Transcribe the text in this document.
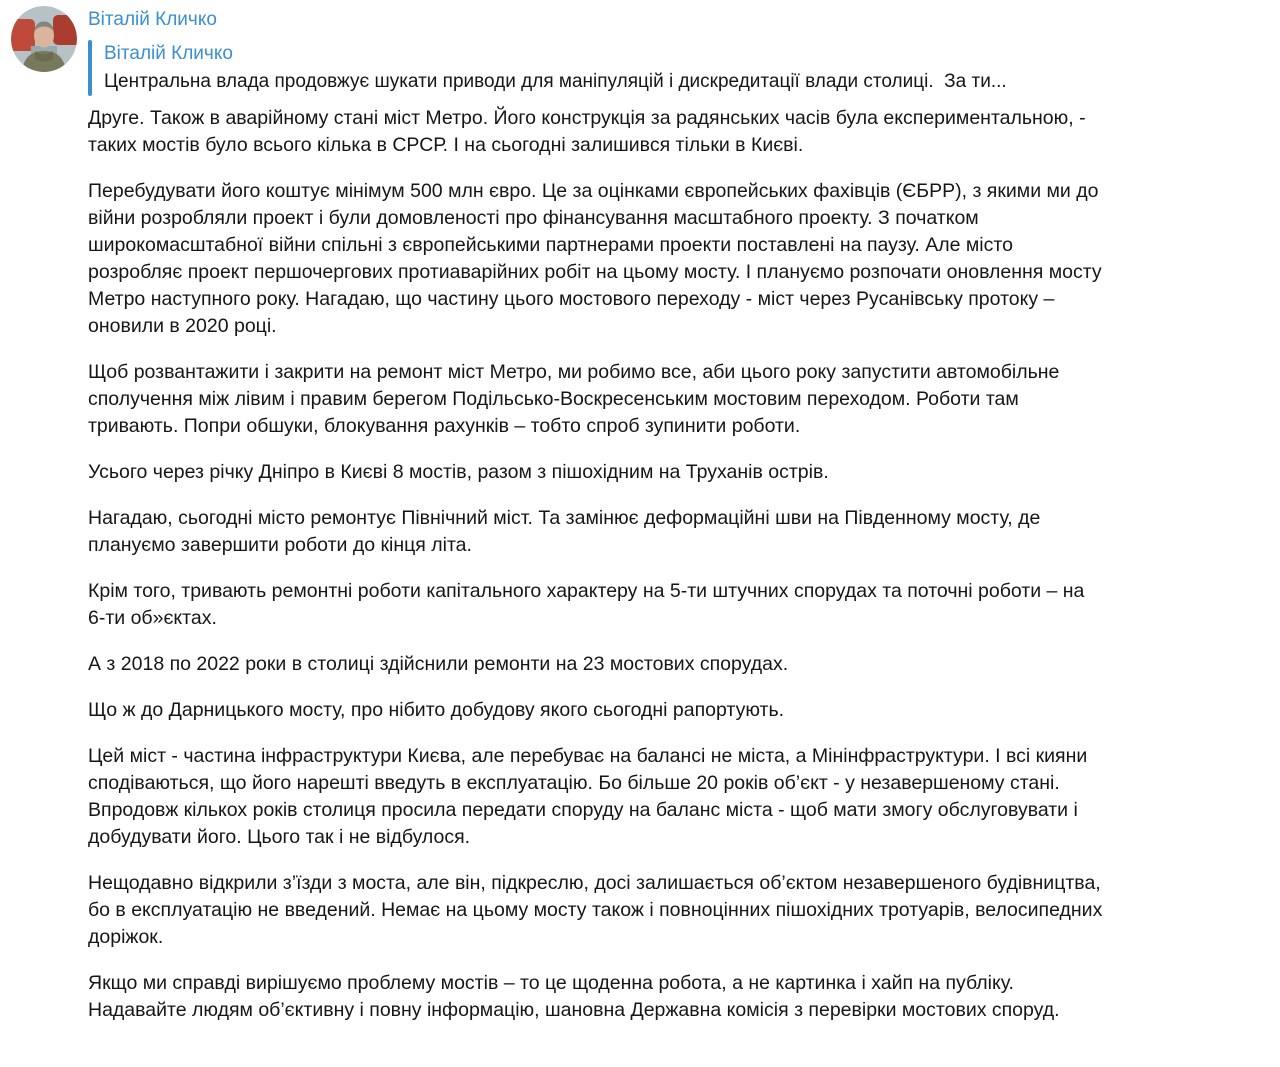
Віталій Кличко
Віталій Кличко
Центральна влада продовжує шукати приводи для маніпуляцій і дискредитації влади столиці.  За ти...

Друге. Також в аварійному стані міст Метро. Його конструкція за радянських часів була експериментальною, - таких мостів було всього кілька в СРСР. І на сьогодні залишився тільки в Києві.

Перебудувати його коштує мінімум 500 млн євро. Це за оцінками європейських фахівців (ЄБРР), з якими ми до війни розробляли проект і були домовленості про фінансування масштабного проекту. З початком широкомасштабної війни спільні з європейськими партнерами проекти поставлені на паузу. Але місто розробляє проект першочергових протиаварійних робіт на цьому мосту. І плануємо розпочати оновлення мосту Метро наступного року. Нагадаю, що частину цього мостового переходу - міст через Русанівську протоку – оновили в 2020 році.

Щоб розвантажити і закрити на ремонт міст Метро, ми робимо все, аби цього року запустити автомобільне сполучення між лівим і правим берегом Подільсько-Воскресенським мостовим переходом. Роботи там тривають. Попри обшуки, блокування рахунків – тобто спроб зупинити роботи.

Усього через річку Дніпро в Києві 8 мостів, разом з пішохідним на Труханів острів.

Нагадаю, сьогодні місто ремонтує Північний міст. Та замінює деформаційні шви на Південному мосту, де плануємо завершити роботи до кінця літа.

Крім того, тривають ремонтні роботи капітального характеру на 5-ти штучних спорудах та поточні роботи – на 6-ти об»єктах.

А з 2018 по 2022 роки в столиці здійснили ремонти на 23 мостових спорудах.

Що ж до Дарницького мосту, про нібито добудову якого сьогодні рапортують.

Цей міст - частина інфраструктури Києва, але перебуває на балансі не міста, а Мінінфраструктури. І всі кияни сподіваються, що його нарешті введуть в експлуатацію. Бо більше 20 років об’єкт - у незавершеному стані. Впродовж кількох років столиця просила передати споруду на баланс міста - щоб мати змогу обслуговувати і добудувати його. Цього так і не відбулося.

Нещодавно відкрили з’їзди з моста, але він, підкреслю, досі залишається об’єктом незавершеного будівництва, бо в експлуатацію не введений. Немає на цьому мосту також і повноцінних пішохідних тротуарів, велосипедних доріжок.

Якщо ми справді вирішуємо проблему мостів – то це щоденна робота, а не картинка і хайп на публіку. Надавайте людям об’єктивну і повну інформацію, шановна Державна комісія з перевірки мостових споруд.
